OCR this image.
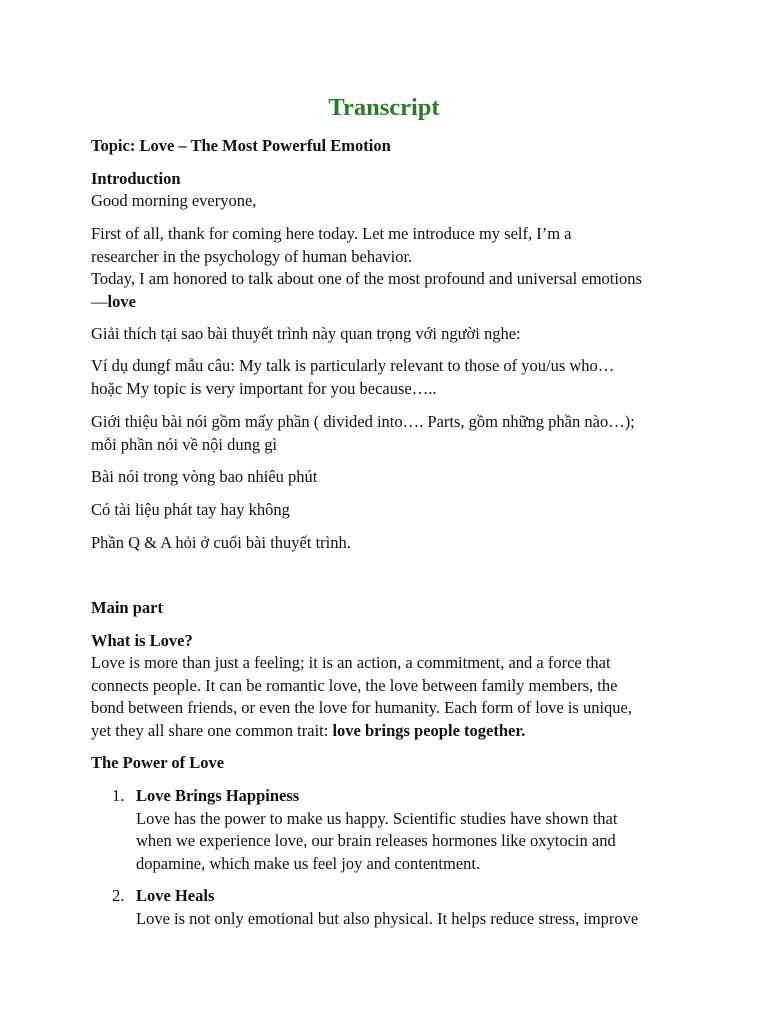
Transcript

Topic: Love – The Most Powerful Emotion

Introduction

Good morning everyone,

First of all, thank for coming here today. Let me introduce my self, I’m a
researcher in the psychology of human behavior.
Today, I am honored to talk about one of the most profound and universal emotions
—love

Giải thích tại sao bài thuyết trình này quan trọng với người nghe:

Ví dụ dungf mẫu câu: My talk is particularly relevant to those of you/us who…
hoặc My topic is very important for you because…..
Giới thiệu bài nói gồm mấy phần ( divided into…. Parts, gồm những phần nào…);
mỗi phần nói về nội dung gì

Bài nói trong vòng bao nhiêu phút

Có tài liệu phát tay hay không

Phần Q & A hỏi ở cuối bài thuyết trình.

Main part

What is Love?

Love is more than just a feeling; it is an action, a commitment, and a force that
connects people. It can be romantic love, the love between family members, the
bond between friends, or even the love for humanity. Each form of love is unique,
yet they all share one common trait: love brings people together.

The Power of Love

1. Love Brings Happiness

Love has the power to make us happy. Scientific studies have shown that

when we experience love, our brain releases hormones like oxytocin and

dopamine, which make us feel joy and contentment.

2. Love Heals

Love is not only emotional but also physical. It helps reduce stress, improve
